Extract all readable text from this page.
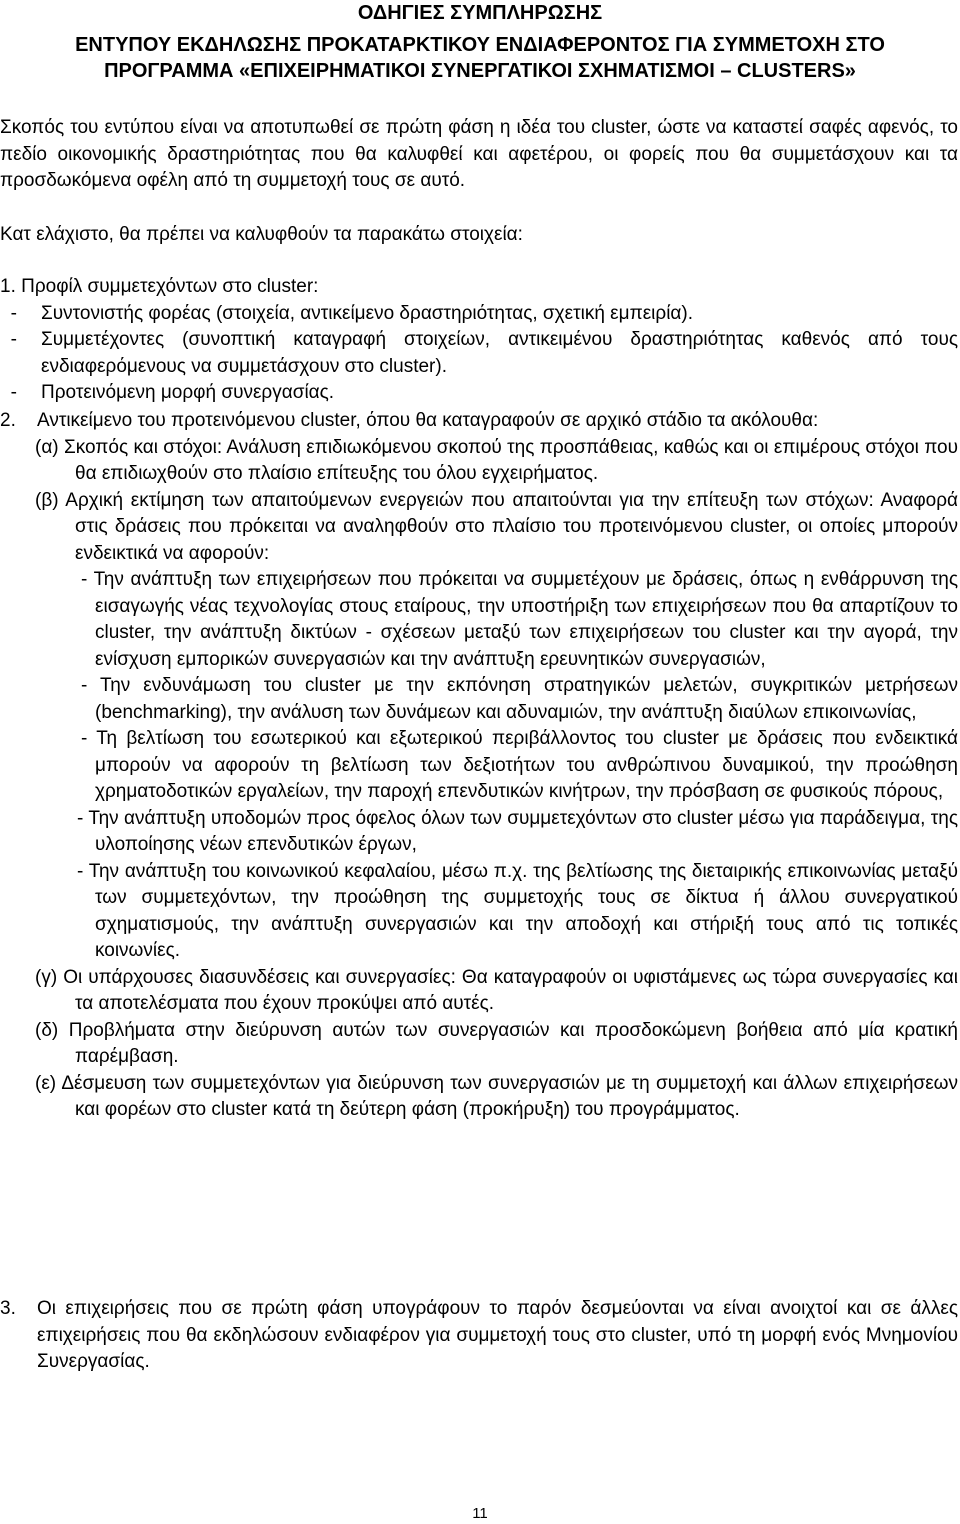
ΟΔΗΓΙΕΣ ΣΥΜΠΛΗΡΩΣΗΣ

ΕΝΤΥΠΟΥ ΕΚΔΗΛΩΣΗΣ ΠΡΟΚΑΤΑΡΚΤΙΚΟΥ ΕΝΔΙΑΦΕΡΟΝΤΟΣ ΓΙΑ ΣΥΜΜΕΤΟΧΗ ΣΤΟ
ΠΡΟΓΡΑΜΜΑ «ΕΠΙΧΕΙΡΗΜΑΤΙΚΟΙ ΣΥΝΕΡΓΑΤΙΚΟΙ ΣΧΗΜΑΤΙΣΜΟΙ – CLUSTERS»
Σκοπός του εντύπου είναι να αποτυπωθεί σε πρώτη φάση η ιδέα του cluster, ώστε να καταστεί σαφές αφενός, το πεδίο οικονομικής δραστηριότητας που θα καλυφθεί και αφετέρου, οι φορείς που θα συμμετάσχουν και τα προσδωκόμενα οφέλη από τη συμμετοχή τους σε αυτό.
Κατ ελάχιστο, θα πρέπει να καλυφθούν τα παρακάτω στοιχεία:
1. Προφίλ συμμετεχόντων στο cluster:
-	Συντονιστής φορέας (στοιχεία, αντικείμενο δραστηριότητας, σχετική εμπειρία).
-	Συμμετέχοντες (συνοπτική καταγραφή στοιχείων, αντικειμένου δραστηριότητας καθενός από τους ενδιαφερόμενους να συμμετάσχουν στο cluster).
-	Προτεινόμενη μορφή συνεργασίας.
2.	Αντικείμενο του προτεινόμενου cluster, όπου θα καταγραφούν σε αρχικό στάδιο τα ακόλουθα:
(α) Σκοπός και στόχοι: Ανάλυση επιδιωκόμενου σκοπού της προσπάθειας, καθώς και οι επιμέρους στόχοι που θα επιδιωχθούν στο πλαίσιο επίτευξης του όλου εγχειρήματος.
(β) Αρχική εκτίμηση των απαιτούμενων ενεργειών που απαιτούνται για την επίτευξη των στόχων: Αναφορά στις δράσεις που πρόκειται να αναληφθούν στο πλαίσιο του προτεινόμενου cluster, οι οποίες μπορούν ενδεικτικά να αφορούν:
- Την ανάπτυξη των επιχειρήσεων που πρόκειται να συμμετέχουν με δράσεις, όπως η ενθάρρυνση της εισαγωγής νέας τεχνολογίας στους εταίρους, την υποστήριξη των επιχειρήσεων που θα απαρτίζουν το cluster, την ανάπτυξη δικτύων - σχέσεων μεταξύ των επιχειρήσεων του cluster και την αγορά, την ενίσχυση εμπορικών συνεργασιών και την ανάπτυξη ερευνητικών συνεργασιών,
- Την ενδυνάμωση του cluster με την εκπόνηση στρατηγικών μελετών, συγκριτικών μετρήσεων (benchmarking), την ανάλυση των δυνάμεων και αδυναμιών, την ανάπτυξη διαύλων επικοινωνίας,
- Τη βελτίωση του εσωτερικού και εξωτερικού περιβάλλοντος του cluster με δράσεις που ενδεικτικά μπορούν να αφορούν τη βελτίωση των δεξιοτήτων του ανθρώπινου δυναμικού, την προώθηση χρηματοδοτικών εργαλείων, την παροχή επενδυτικών κινήτρων, την πρόσβαση σε φυσικούς πόρους,
- Την ανάπτυξη υποδομών προς όφελος όλων των συμμετεχόντων στο cluster μέσω για παράδειγμα, της υλοποίησης νέων επενδυτικών έργων,
- Την ανάπτυξη του κοινωνικού κεφαλαίου, μέσω π.χ. της βελτίωσης της διεταιρικής επικοινωνίας μεταξύ των συμμετεχόντων, την προώθηση της συμμετοχής τους σε δίκτυα ή άλλου συνεργατικού σχηματισμούς, την ανάπτυξη συνεργασιών και την αποδοχή και στήριξή τους από τις τοπικές κοινωνίες.
(γ) Οι υπάρχουσες διασυνδέσεις και συνεργασίες: Θα καταγραφούν οι υφιστάμενες ως τώρα συνεργασίες και τα αποτελέσματα που έχουν προκύψει από αυτές.
(δ) Προβλήματα στην διεύρυνση αυτών των συνεργασιών και προσδοκώμενη βοήθεια από μία κρατική παρέμβαση.
(ε) Δέσμευση των συμμετεχόντων για διεύρυνση των συνεργασιών με τη συμμετοχή και άλλων επιχειρήσεων και φορέων στο cluster κατά τη δεύτερη φάση (προκήρυξη) του προγράμματος.
3.	Οι επιχειρήσεις που σε πρώτη φάση υπογράφουν το παρόν δεσμεύονται να είναι ανοιχτοί και σε άλλες επιχειρήσεις που θα εκδηλώσουν ενδιαφέρον για συμμετοχή τους στο cluster, υπό τη μορφή ενός Μνημονίου Συνεργασίας.
11
